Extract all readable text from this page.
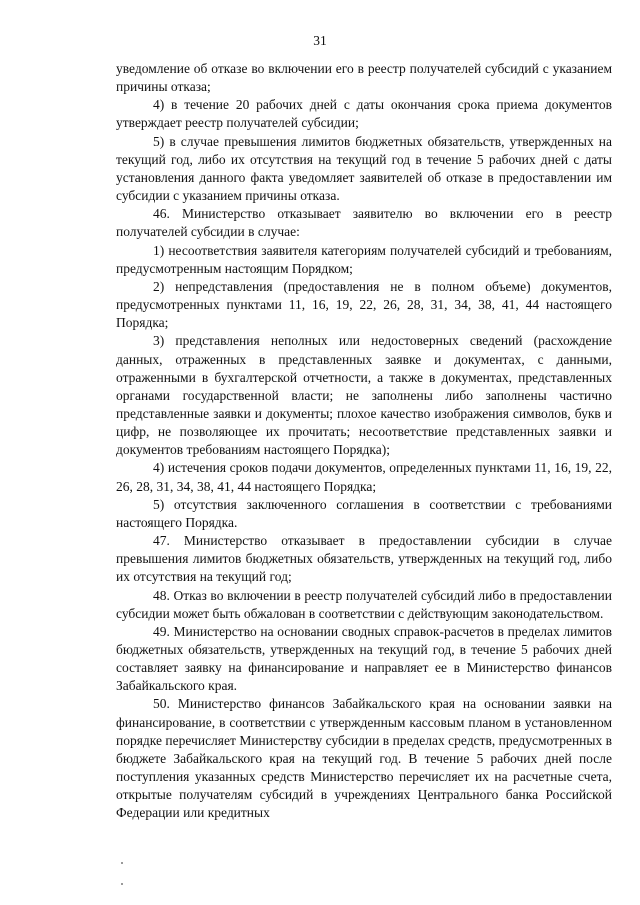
31

уведомление об отказе во включении его в реестр получателей субсидий с указанием причины отказа;

4) в течение 20 рабочих дней с даты окончания срока приема документов утверждает реестр получателей субсидии;

5) в случае превышения лимитов бюджетных обязательств, утвержденных на текущий год, либо их отсутствия на текущий год в течение 5 рабочих дней с даты установления данного факта уведомляет заявителей об отказе в предоставлении им субсидии с указанием причины отказа.

46. Министерство отказывает заявителю во включении его в реестр получателей субсидии в случае:

1) несоответствия заявителя категориям получателей субсидий и требованиям, предусмотренным настоящим Порядком;

2) непредставления (предоставления не в полном объеме) документов, предусмотренных пунктами 11, 16, 19, 22, 26, 28, 31, 34, 38, 41, 44 настоящего Порядка;

3) представления неполных или недостоверных сведений (расхождение данных, отраженных в представленных заявке и документах, с данными, отраженными в бухгалтерской отчетности, а также в документах, представленных органами государственной власти; не заполнены либо заполнены частично представленные заявки и документы; плохое качество изображения символов, букв и цифр, не позволяющее их прочитать; несоответствие представленных заявки и документов требованиям настоящего Порядка);

4) истечения сроков подачи документов, определенных пунктами 11, 16, 19, 22, 26, 28, 31, 34, 38, 41, 44 настоящего Порядка;

5) отсутствия заключенного соглашения в соответствии с требованиями настоящего Порядка.

47. Министерство отказывает в предоставлении субсидии в случае превышения лимитов бюджетных обязательств, утвержденных на текущий год, либо их отсутствия на текущий год;

48. Отказ во включении в реестр получателей субсидий либо в предоставлении субсидии может быть обжалован в соответствии с действующим законодательством.

49. Министерство на основании сводных справок-расчетов в пределах лимитов бюджетных обязательств, утвержденных на текущий год, в течение 5 рабочих дней составляет заявку на финансирование и направляет ее в Министерство финансов Забайкальского края.

50. Министерство финансов Забайкальского края на основании заявки на финансирование, в соответствии с утвержденным кассовым планом в установленном порядке перечисляет Министерству субсидии в пределах средств, предусмотренных в бюджете Забайкальского края на текущий год. В течение 5 рабочих дней после поступления указанных средств Министерство перечисляет их на расчетные счета, открытые получателям субсидий в учреждениях Центрального банка Российской Федерации или кредитных
